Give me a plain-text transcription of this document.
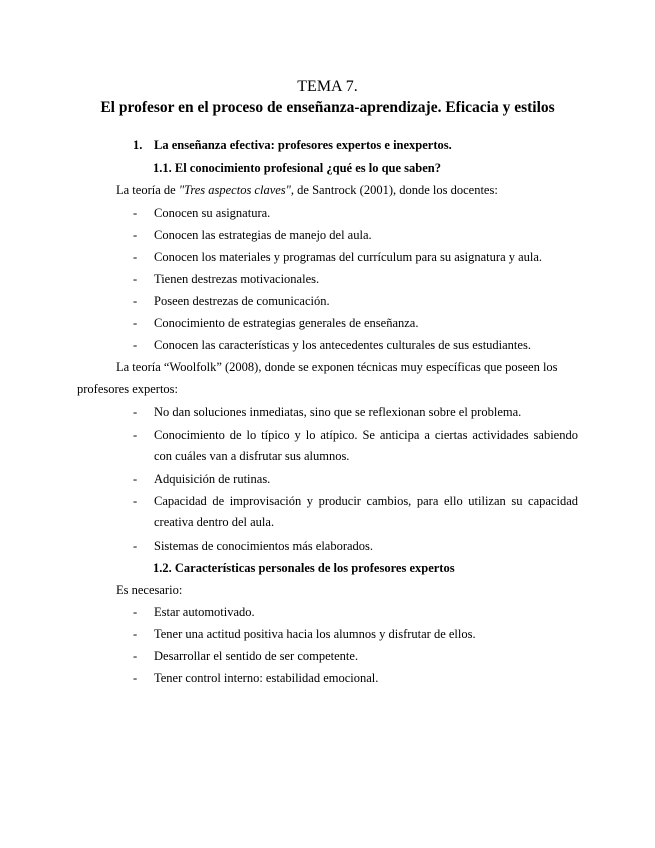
TEMA 7.
El profesor en el proceso de enseñanza-aprendizaje. Eficacia y estilos
1. La enseñanza efectiva: profesores expertos e inexpertos.
1.1. El conocimiento profesional ¿qué es lo que saben?
La teoría de "Tres aspectos claves", de Santrock (2001), donde los docentes:
- Conocen su asignatura.
- Conocen las estrategias de manejo del aula.
- Conocen los materiales y programas del currículum para su asignatura y aula.
- Tienen destrezas motivacionales.
- Poseen destrezas de comunicación.
- Conocimiento de estrategias generales de enseñanza.
- Conocen las características y los antecedentes culturales de sus estudiantes.
La teoría “Woolfolk” (2008), donde se exponen técnicas muy específicas que poseen los
profesores expertos:
- No dan soluciones inmediatas, sino que se reflexionan sobre el problema.
- Conocimiento de lo típico y lo atípico. Se anticipa a ciertas actividades sabiendo
con cuáles van a disfrutar sus alumnos.
- Adquisición de rutinas.
- Capacidad de improvisación y producir cambios, para ello utilizan su capacidad
creativa dentro del aula.
- Sistemas de conocimientos más elaborados.
1.2. Características personales de los profesores expertos
Es necesario:
- Estar automotivado.
- Tener una actitud positiva hacia los alumnos y disfrutar de ellos.
- Desarrollar el sentido de ser competente.
- Tener control interno: estabilidad emocional.
